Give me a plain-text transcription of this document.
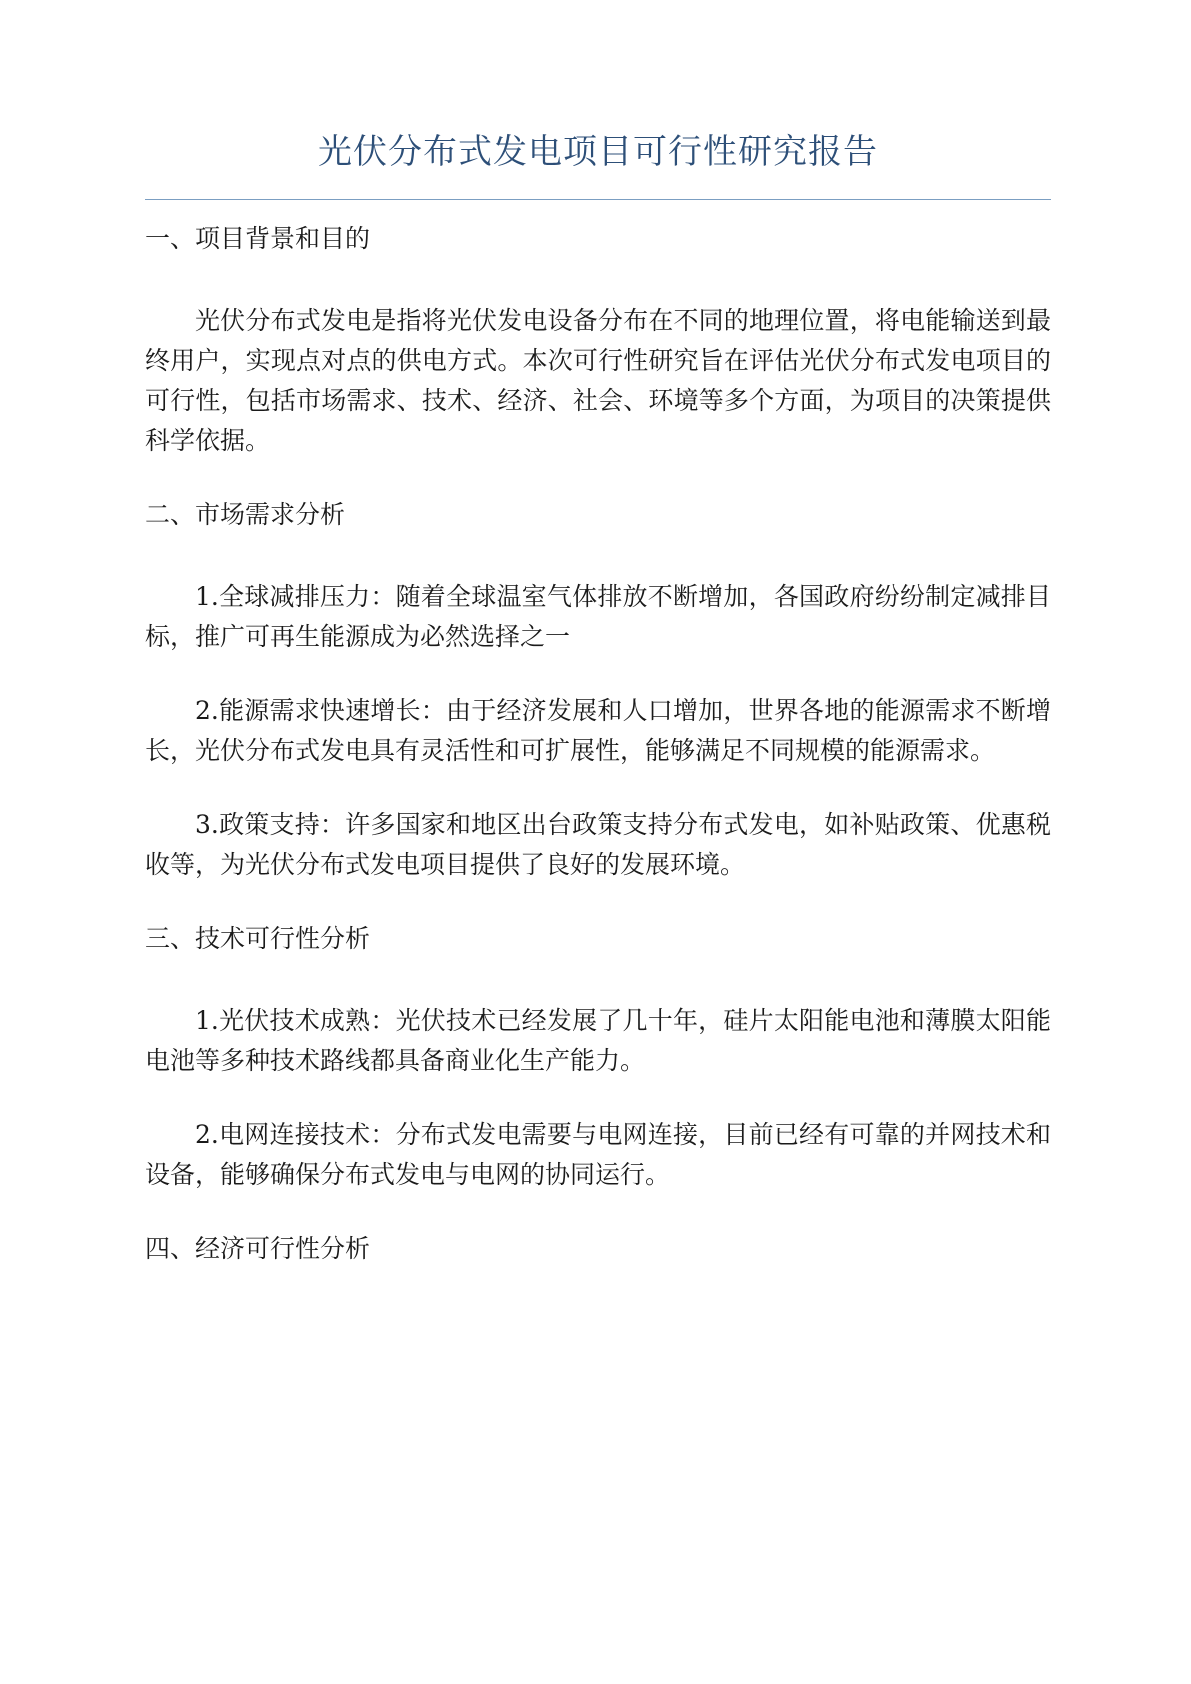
光伏分布式发电项目可行性研究报告
一、项目背景和目的

光伏分布式发电是指将光伏发电设备分布在不同的地理位置，将电能输送到最终用户，实现点对点的供电方式。本次可行性研究旨在评估光伏分布式发电项目的可行性，包括市场需求、技术、经济、社会、环境等多个方面，为项目的决策提供科学依据。

二、市场需求分析

1.全球减排压力：随着全球温室气体排放不断增加，各国政府纷纷制定减排目标，推广可再生能源成为必然选择之一

2.能源需求快速增长：由于经济发展和人口增加，世界各地的能源需求不断增长，光伏分布式发电具有灵活性和可扩展性，能够满足不同规模的能源需求。

3.政策支持：许多国家和地区出台政策支持分布式发电，如补贴政策、优惠税收等，为光伏分布式发电项目提供了良好的发展环境。

三、技术可行性分析

1.光伏技术成熟：光伏技术已经发展了几十年，硅片太阳能电池和薄膜太阳能电池等多种技术路线都具备商业化生产能力。

2.电网连接技术：分布式发电需要与电网连接，目前已经有可靠的并网技术和设备，能够确保分布式发电与电网的协同运行。

四、经济可行性分析
